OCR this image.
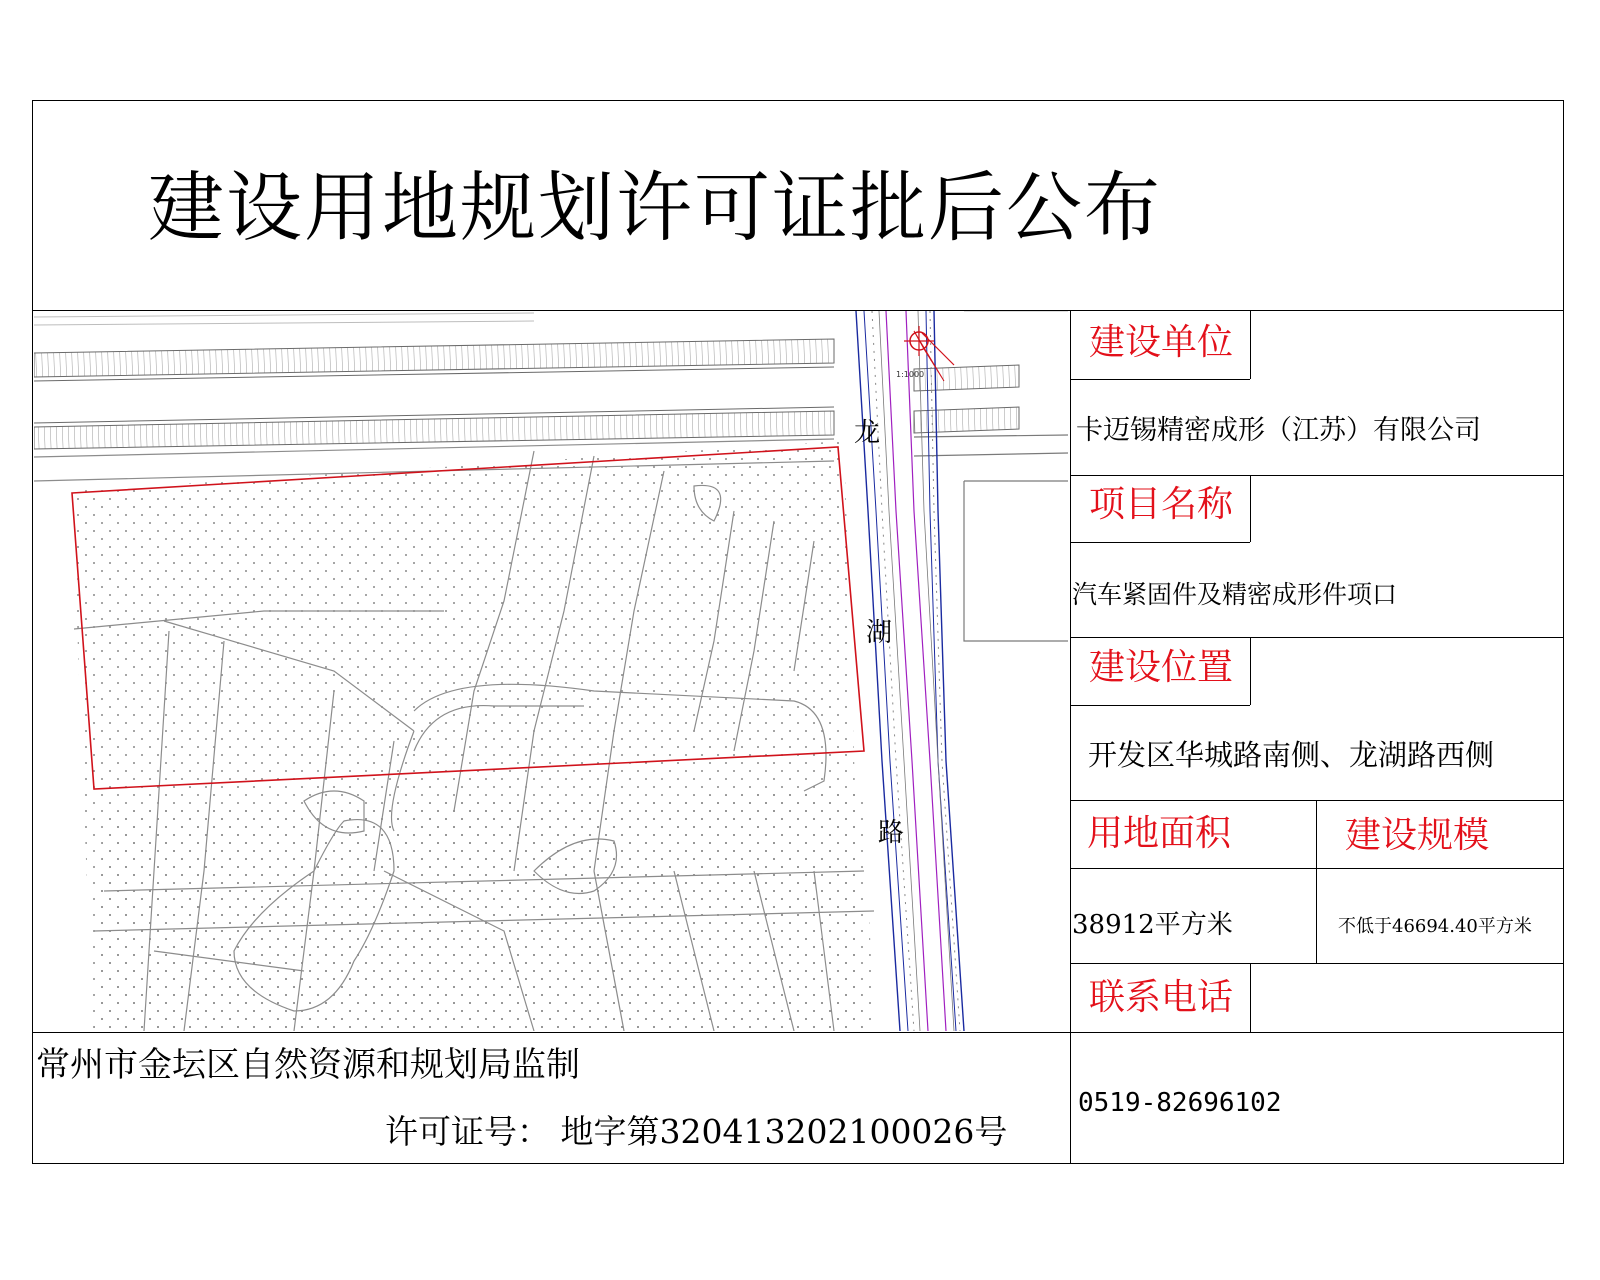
建设用地规划许可证批后公布
1:1000
龙
湖
路
建设单位
卡迈锡精密成形（江苏）有限公司
项目名称
汽车紧固件及精密成形件项口
建设位置
开发区华城路南侧、龙湖路西侧
用地面积	建设规模
38912平方米	不低于46694.40平方米
联系电话
0519-82696102
常州市金坛区自然资源和规划局监制
许可证号： 地字第320413202100026号
